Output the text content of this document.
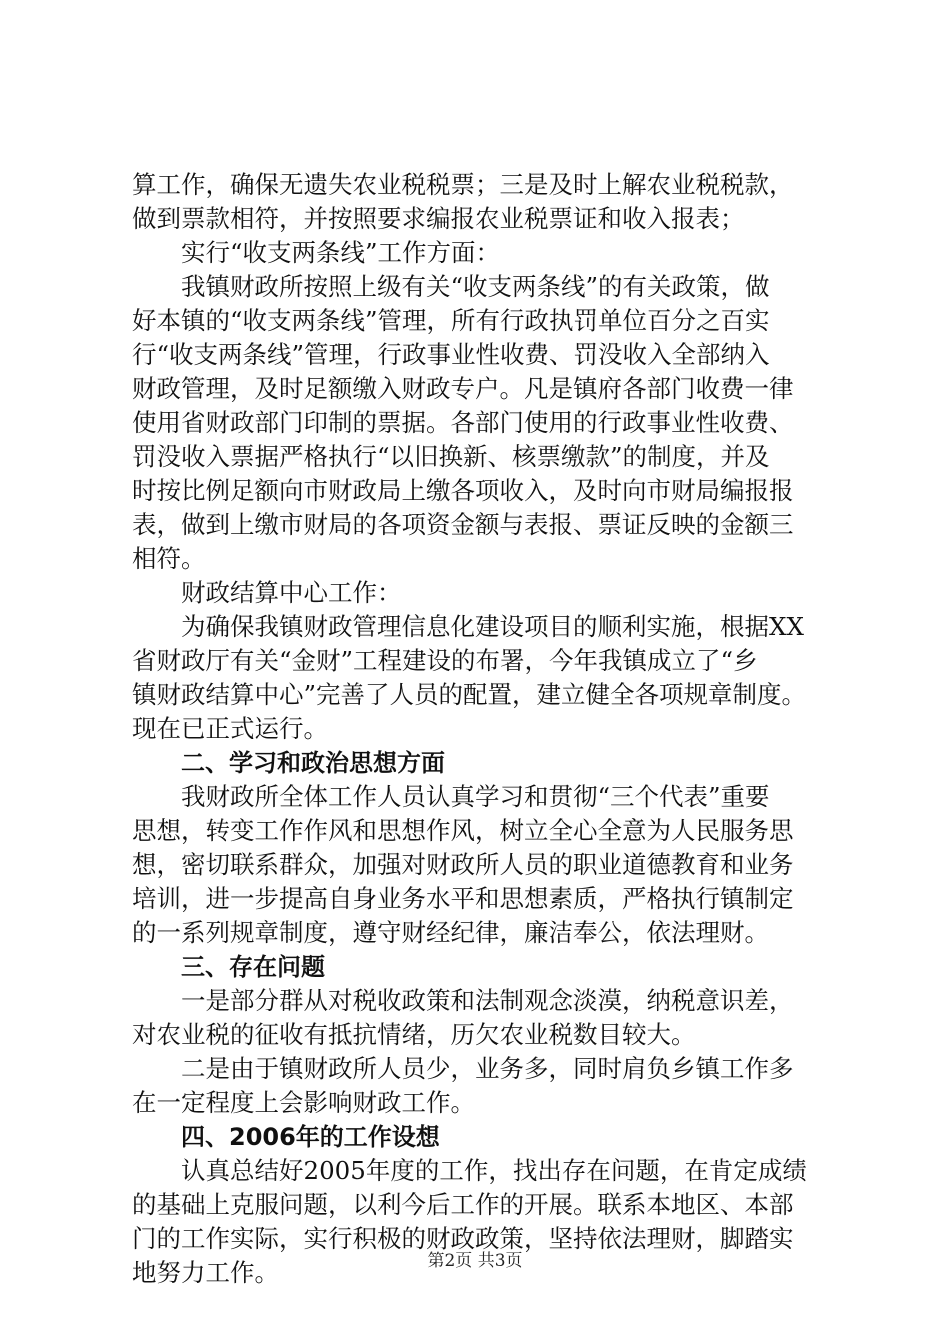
算工作，确保无遗失农业税税票；三是及时上解农业税税款，
做到票款相符，并按照要求编报农业税票证和收入报表；
实行“收支两条线”工作方面：
我镇财政所按照上级有关“收支两条线”的有关政策，做
好本镇的“收支两条线”管理，所有行政执罚单位百分之百实
行“收支两条线”管理，行政事业性收费、罚没收入全部纳入
财政管理，及时足额缴入财政专户。凡是镇府各部门收费一律
使用省财政部门印制的票据。各部门使用的行政事业性收费、
罚没收入票据严格执行“以旧换新、核票缴款”的制度，并及
时按比例足额向市财政局上缴各项收入，及时向市财局编报报
表，做到上缴市财局的各项资金额与表报、票证反映的金额三
相符。
财政结算中心工作：
为确保我镇财政管理信息化建设项目的顺利实施，根据XX
省财政厅有关“金财”工程建设的布署，今年我镇成立了“乡
镇财政结算中心”完善了人员的配置，建立健全各项规章制度。
现在已正式运行。
二、学习和政治思想方面
我财政所全体工作人员认真学习和贯彻“三个代表”重要
思想，转变工作作风和思想作风，树立全心全意为人民服务思
想，密切联系群众，加强对财政所人员的职业道德教育和业务
培训，进一步提高自身业务水平和思想素质，严格执行镇制定
的一系列规章制度，遵守财经纪律，廉洁奉公，依法理财。
三、存在问题
一是部分群从对税收政策和法制观念淡漠，纳税意识差，
对农业税的征收有抵抗情绪，历欠农业税数目较大。
二是由于镇财政所人员少，业务多，同时肩负乡镇工作多
在一定程度上会影响财政工作。
四、2006年的工作设想
认真总结好2005年度的工作，找出存在问题，在肯定成绩
的基础上克服问题，以利今后工作的开展。联系本地区、本部
门的工作实际，实行积极的财政政策，坚持依法理财，脚踏实
地努力工作。	第2页 共3页
